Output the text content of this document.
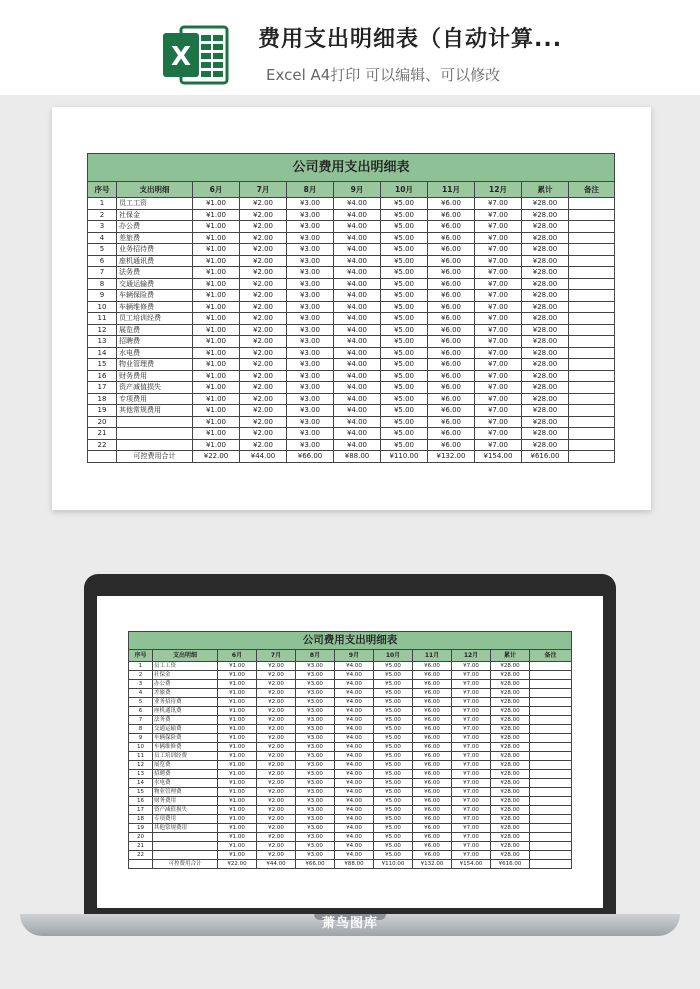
X
费用支出明细表（自动计算...
Excel A4打印 可以编辑、可以修改
公司费用支出明细表										
序号	支出明细	6月	7月	8月	9月	10月	11月	12月	累计	备注
1	员工工资	¥1.00	¥2.00	¥3.00	¥4.00	¥5.00	¥6.00	¥7.00	¥28.00	
2	社保金	¥1.00	¥2.00	¥3.00	¥4.00	¥5.00	¥6.00	¥7.00	¥28.00	
3	办公费	¥1.00	¥2.00	¥3.00	¥4.00	¥5.00	¥6.00	¥7.00	¥28.00	
4	差旅费	¥1.00	¥2.00	¥3.00	¥4.00	¥5.00	¥6.00	¥7.00	¥28.00	
5	业务招待费	¥1.00	¥2.00	¥3.00	¥4.00	¥5.00	¥6.00	¥7.00	¥28.00	
6	座机通讯费	¥1.00	¥2.00	¥3.00	¥4.00	¥5.00	¥6.00	¥7.00	¥28.00	
7	法务费	¥1.00	¥2.00	¥3.00	¥4.00	¥5.00	¥6.00	¥7.00	¥28.00	
8	交通运输费	¥1.00	¥2.00	¥3.00	¥4.00	¥5.00	¥6.00	¥7.00	¥28.00	
9	车辆保险费	¥1.00	¥2.00	¥3.00	¥4.00	¥5.00	¥6.00	¥7.00	¥28.00	
10	车辆维修费	¥1.00	¥2.00	¥3.00	¥4.00	¥5.00	¥6.00	¥7.00	¥28.00	
11	员工培训经费	¥1.00	¥2.00	¥3.00	¥4.00	¥5.00	¥6.00	¥7.00	¥28.00	
12	展览费	¥1.00	¥2.00	¥3.00	¥4.00	¥5.00	¥6.00	¥7.00	¥28.00	
13	招聘费	¥1.00	¥2.00	¥3.00	¥4.00	¥5.00	¥6.00	¥7.00	¥28.00	
14	水电费	¥1.00	¥2.00	¥3.00	¥4.00	¥5.00	¥6.00	¥7.00	¥28.00	
15	物业管理费	¥1.00	¥2.00	¥3.00	¥4.00	¥5.00	¥6.00	¥7.00	¥28.00	
16	财务费用	¥1.00	¥2.00	¥3.00	¥4.00	¥5.00	¥6.00	¥7.00	¥28.00	
17	资产减值损失	¥1.00	¥2.00	¥3.00	¥4.00	¥5.00	¥6.00	¥7.00	¥28.00	
18	专项费用	¥1.00	¥2.00	¥3.00	¥4.00	¥5.00	¥6.00	¥7.00	¥28.00	
19	其他常规费用	¥1.00	¥2.00	¥3.00	¥4.00	¥5.00	¥6.00	¥7.00	¥28.00	
20		¥1.00	¥2.00	¥3.00	¥4.00	¥5.00	¥6.00	¥7.00	¥28.00	
21		¥1.00	¥2.00	¥3.00	¥4.00	¥5.00	¥6.00	¥7.00	¥28.00	
22		¥1.00	¥2.00	¥3.00	¥4.00	¥5.00	¥6.00	¥7.00	¥28.00	
	可控费用合计	¥22.00	¥44.00	¥66.00	¥88.00	¥110.00	¥132.00	¥154.00	¥616.00	
公司费用支出明细表										
序号	支出明细	6月	7月	8月	9月	10月	11月	12月	累计	备注
1	员工工资	¥1.00	¥2.00	¥3.00	¥4.00	¥5.00	¥6.00	¥7.00	¥28.00	
2	社保金	¥1.00	¥2.00	¥3.00	¥4.00	¥5.00	¥6.00	¥7.00	¥28.00	
3	办公费	¥1.00	¥2.00	¥3.00	¥4.00	¥5.00	¥6.00	¥7.00	¥28.00	
4	差旅费	¥1.00	¥2.00	¥3.00	¥4.00	¥5.00	¥6.00	¥7.00	¥28.00	
5	业务招待费	¥1.00	¥2.00	¥3.00	¥4.00	¥5.00	¥6.00	¥7.00	¥28.00	
6	座机通讯费	¥1.00	¥2.00	¥3.00	¥4.00	¥5.00	¥6.00	¥7.00	¥28.00	
7	法务费	¥1.00	¥2.00	¥3.00	¥4.00	¥5.00	¥6.00	¥7.00	¥28.00	
8	交通运输费	¥1.00	¥2.00	¥3.00	¥4.00	¥5.00	¥6.00	¥7.00	¥28.00	
9	车辆保险费	¥1.00	¥2.00	¥3.00	¥4.00	¥5.00	¥6.00	¥7.00	¥28.00	
10	车辆维修费	¥1.00	¥2.00	¥3.00	¥4.00	¥5.00	¥6.00	¥7.00	¥28.00	
11	员工培训经费	¥1.00	¥2.00	¥3.00	¥4.00	¥5.00	¥6.00	¥7.00	¥28.00	
12	展览费	¥1.00	¥2.00	¥3.00	¥4.00	¥5.00	¥6.00	¥7.00	¥28.00	
13	招聘费	¥1.00	¥2.00	¥3.00	¥4.00	¥5.00	¥6.00	¥7.00	¥28.00	
14	水电费	¥1.00	¥2.00	¥3.00	¥4.00	¥5.00	¥6.00	¥7.00	¥28.00	
15	物业管理费	¥1.00	¥2.00	¥3.00	¥4.00	¥5.00	¥6.00	¥7.00	¥28.00	
16	财务费用	¥1.00	¥2.00	¥3.00	¥4.00	¥5.00	¥6.00	¥7.00	¥28.00	
17	资产减值损失	¥1.00	¥2.00	¥3.00	¥4.00	¥5.00	¥6.00	¥7.00	¥28.00	
18	专项费用	¥1.00	¥2.00	¥3.00	¥4.00	¥5.00	¥6.00	¥7.00	¥28.00	
19	其他常规费用	¥1.00	¥2.00	¥3.00	¥4.00	¥5.00	¥6.00	¥7.00	¥28.00	
20		¥1.00	¥2.00	¥3.00	¥4.00	¥5.00	¥6.00	¥7.00	¥28.00	
21		¥1.00	¥2.00	¥3.00	¥4.00	¥5.00	¥6.00	¥7.00	¥28.00	
22		¥1.00	¥2.00	¥3.00	¥4.00	¥5.00	¥6.00	¥7.00	¥28.00	
	可控费用合计	¥22.00	¥44.00	¥66.00	¥88.00	¥110.00	¥132.00	¥154.00	¥616.00	
萧鸟图库
